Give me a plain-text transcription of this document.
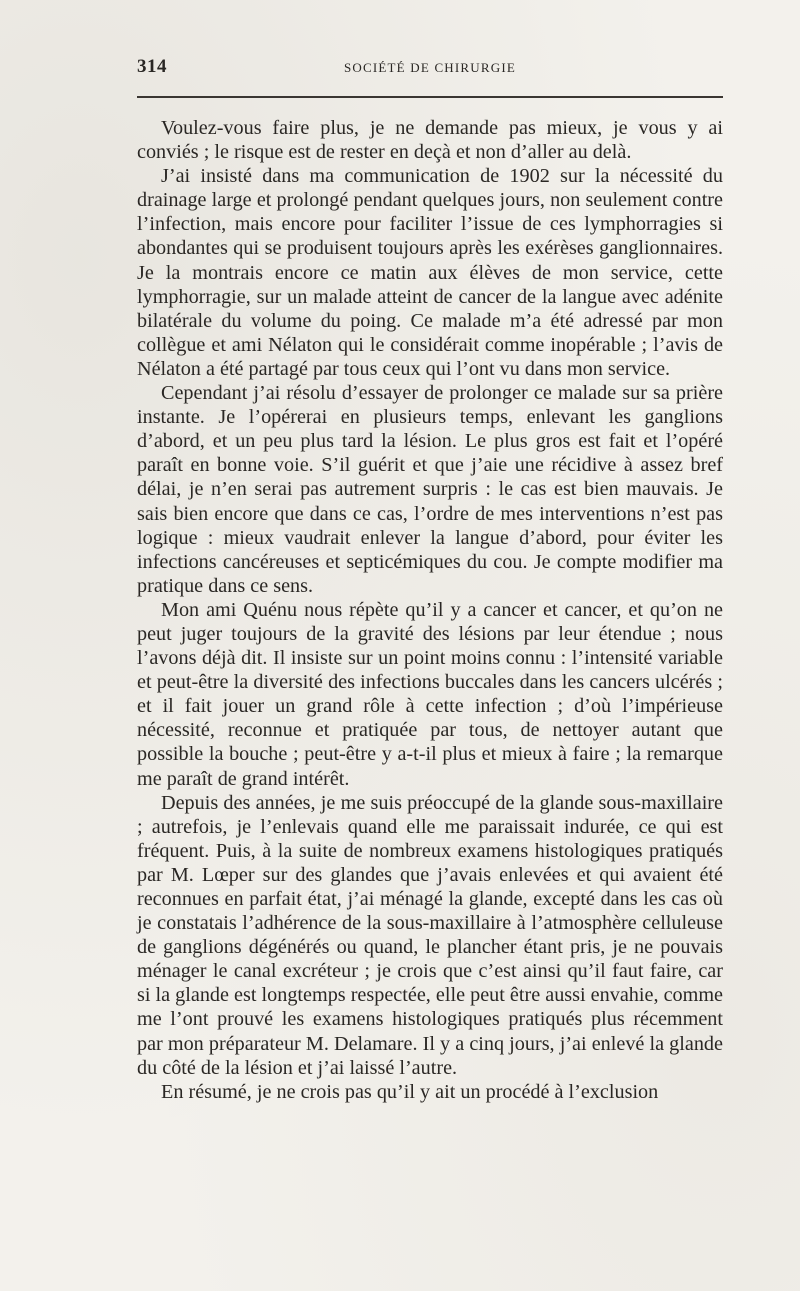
314	SOCIÉTÉ DE CHIRURGIE

Voulez-vous faire plus, je ne demande pas mieux, je vous y ai conviés ; le risque est de rester en deçà et non d’aller au delà.

J’ai insisté dans ma communication de 1902 sur la nécessité du drainage large et prolongé pendant quelques jours, non seulement contre l’infection, mais encore pour faciliter l’issue de ces lymphorragies si abondantes qui se produisent toujours après les exérèses ganglionnaires. Je la montrais encore ce matin aux élèves de mon service, cette lymphorragie, sur un malade atteint de cancer de la langue avec adénite bilatérale du volume du poing. Ce malade m’a été adressé par mon collègue et ami Nélaton qui le considérait comme inopérable ; l’avis de Nélaton a été partagé par tous ceux qui l’ont vu dans mon service.

Cependant j’ai résolu d’essayer de prolonger ce malade sur sa prière instante. Je l’opérerai en plusieurs temps, enlevant les ganglions d’abord, et un peu plus tard la lésion. Le plus gros est fait et l’opéré paraît en bonne voie. S’il guérit et que j’aie une récidive à assez bref délai, je n’en serai pas autrement surpris : le cas est bien mauvais. Je sais bien encore que dans ce cas, l’ordre de mes interventions n’est pas logique : mieux vaudrait enlever la langue d’abord, pour éviter les infections cancéreuses et septicémiques du cou. Je compte modifier ma pratique dans ce sens.

Mon ami Quénu nous répète qu’il y a cancer et cancer, et qu’on ne peut juger toujours de la gravité des lésions par leur étendue ; nous l’avons déjà dit. Il insiste sur un point moins connu : l’intensité variable et peut-être la diversité des infections buccales dans les cancers ulcérés ; et il fait jouer un grand rôle à cette infection ; d’où l’impérieuse nécessité, reconnue et pratiquée par tous, de nettoyer autant que possible la bouche ; peut-être y a-t-il plus et mieux à faire ; la remarque me paraît de grand intérêt.

Depuis des années, je me suis préoccupé de la glande sous-maxillaire ; autrefois, je l’enlevais quand elle me paraissait indurée, ce qui est fréquent. Puis, à la suite de nombreux examens histologiques pratiqués par M. Lœper sur des glandes que j’avais enlevées et qui avaient été reconnues en parfait état, j’ai ménagé la glande, excepté dans les cas où je constatais l’adhérence de la sous-maxillaire à l’atmosphère celluleuse de ganglions dégénérés ou quand, le plancher étant pris, je ne pouvais ménager le canal excréteur ; je crois que c’est ainsi qu’il faut faire, car si la glande est longtemps respectée, elle peut être aussi envahie, comme me l’ont prouvé les examens histologiques pratiqués plus récemment par mon préparateur M. Delamare. Il y a cinq jours, j’ai enlevé la glande du côté de la lésion et j’ai laissé l’autre.

En résumé, je ne crois pas qu’il y ait un procédé à l’exclusion
